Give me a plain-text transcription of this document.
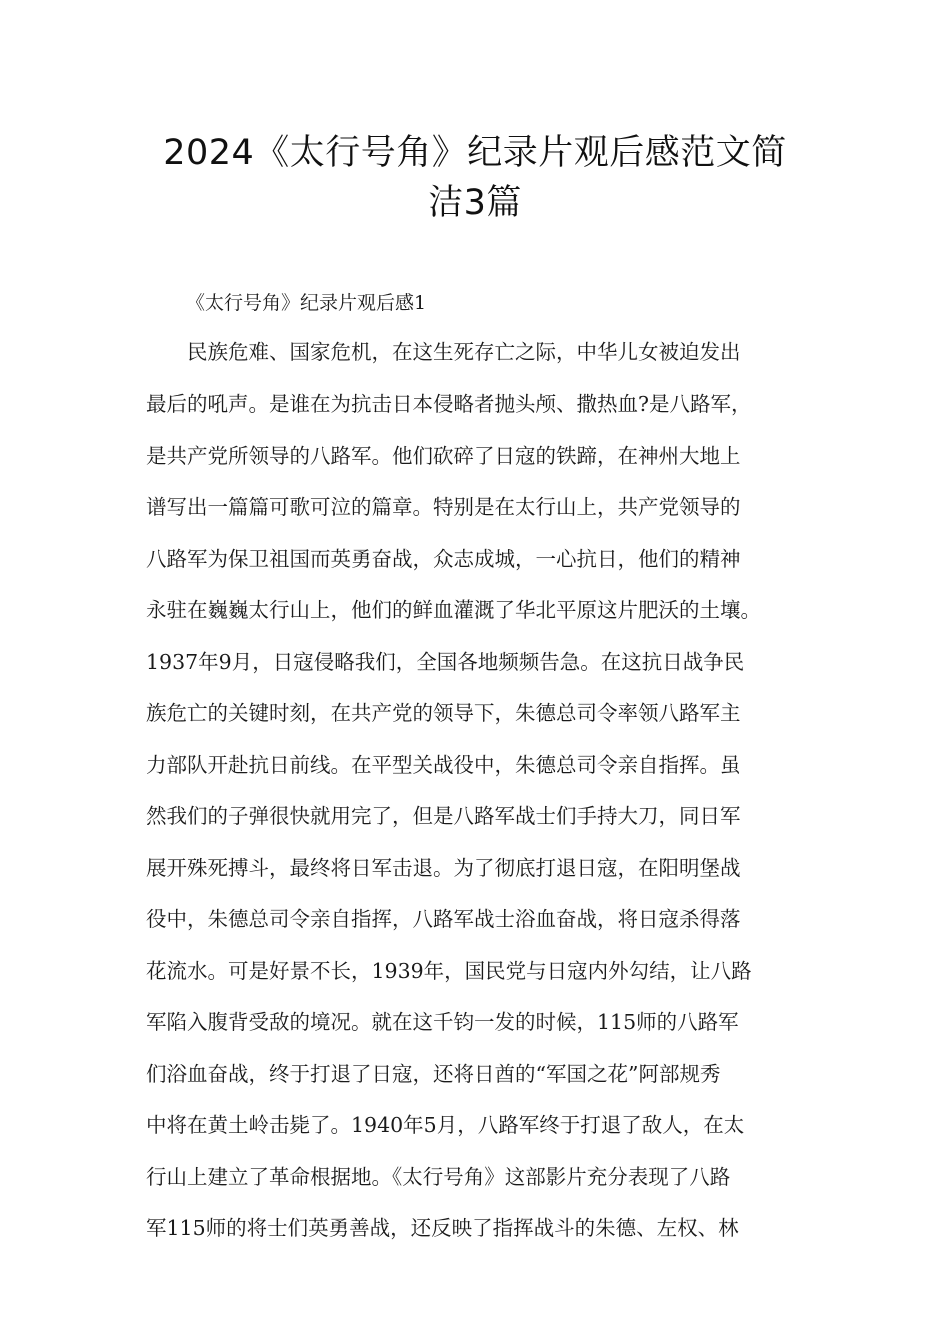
2024《太行号角》纪录片观后感范文简
洁3篇
《太行号角》纪录片观后感1

民族危难、国家危机，在这生死存亡之际，中华儿女被迫发出

最后的吼声。是谁在为抗击日本侵略者抛头颅、撒热血?是八路军，

是共产党所领导的八路军。他们砍碎了日寇的铁蹄，在神州大地上

谱写出一篇篇可歌可泣的篇章。特别是在太行山上，共产党领导的

八路军为保卫祖国而英勇奋战，众志成城，一心抗日，他们的精神

永驻在巍巍太行山上，他们的鲜血灌溉了华北平原这片肥沃的土壤。

1937年9月，日寇侵略我们，全国各地频频告急。在这抗日战争民

族危亡的关键时刻，在共产党的领导下，朱德总司令率领八路军主

力部队开赴抗日前线。在平型关战役中，朱德总司令亲自指挥。虽

然我们的子弹很快就用完了，但是八路军战士们手持大刀，同日军

展开殊死搏斗，最终将日军击退。为了彻底打退日寇，在阳明堡战

役中，朱德总司令亲自指挥，八路军战士浴血奋战，将日寇杀得落

花流水。可是好景不长，1939年，国民党与日寇内外勾结，让八路

军陷入腹背受敌的境况。就在这千钧一发的时候，115师的八路军

们浴血奋战，终于打退了日寇，还将日酋的“军国之花”阿部规秀

中将在黄土岭击毙了。1940年5月，八路军终于打退了敌人，在太

行山上建立了革命根据地。《太行号角》这部影片充分表现了八路

军115师的将士们英勇善战，还反映了指挥战斗的朱德、左权、林
